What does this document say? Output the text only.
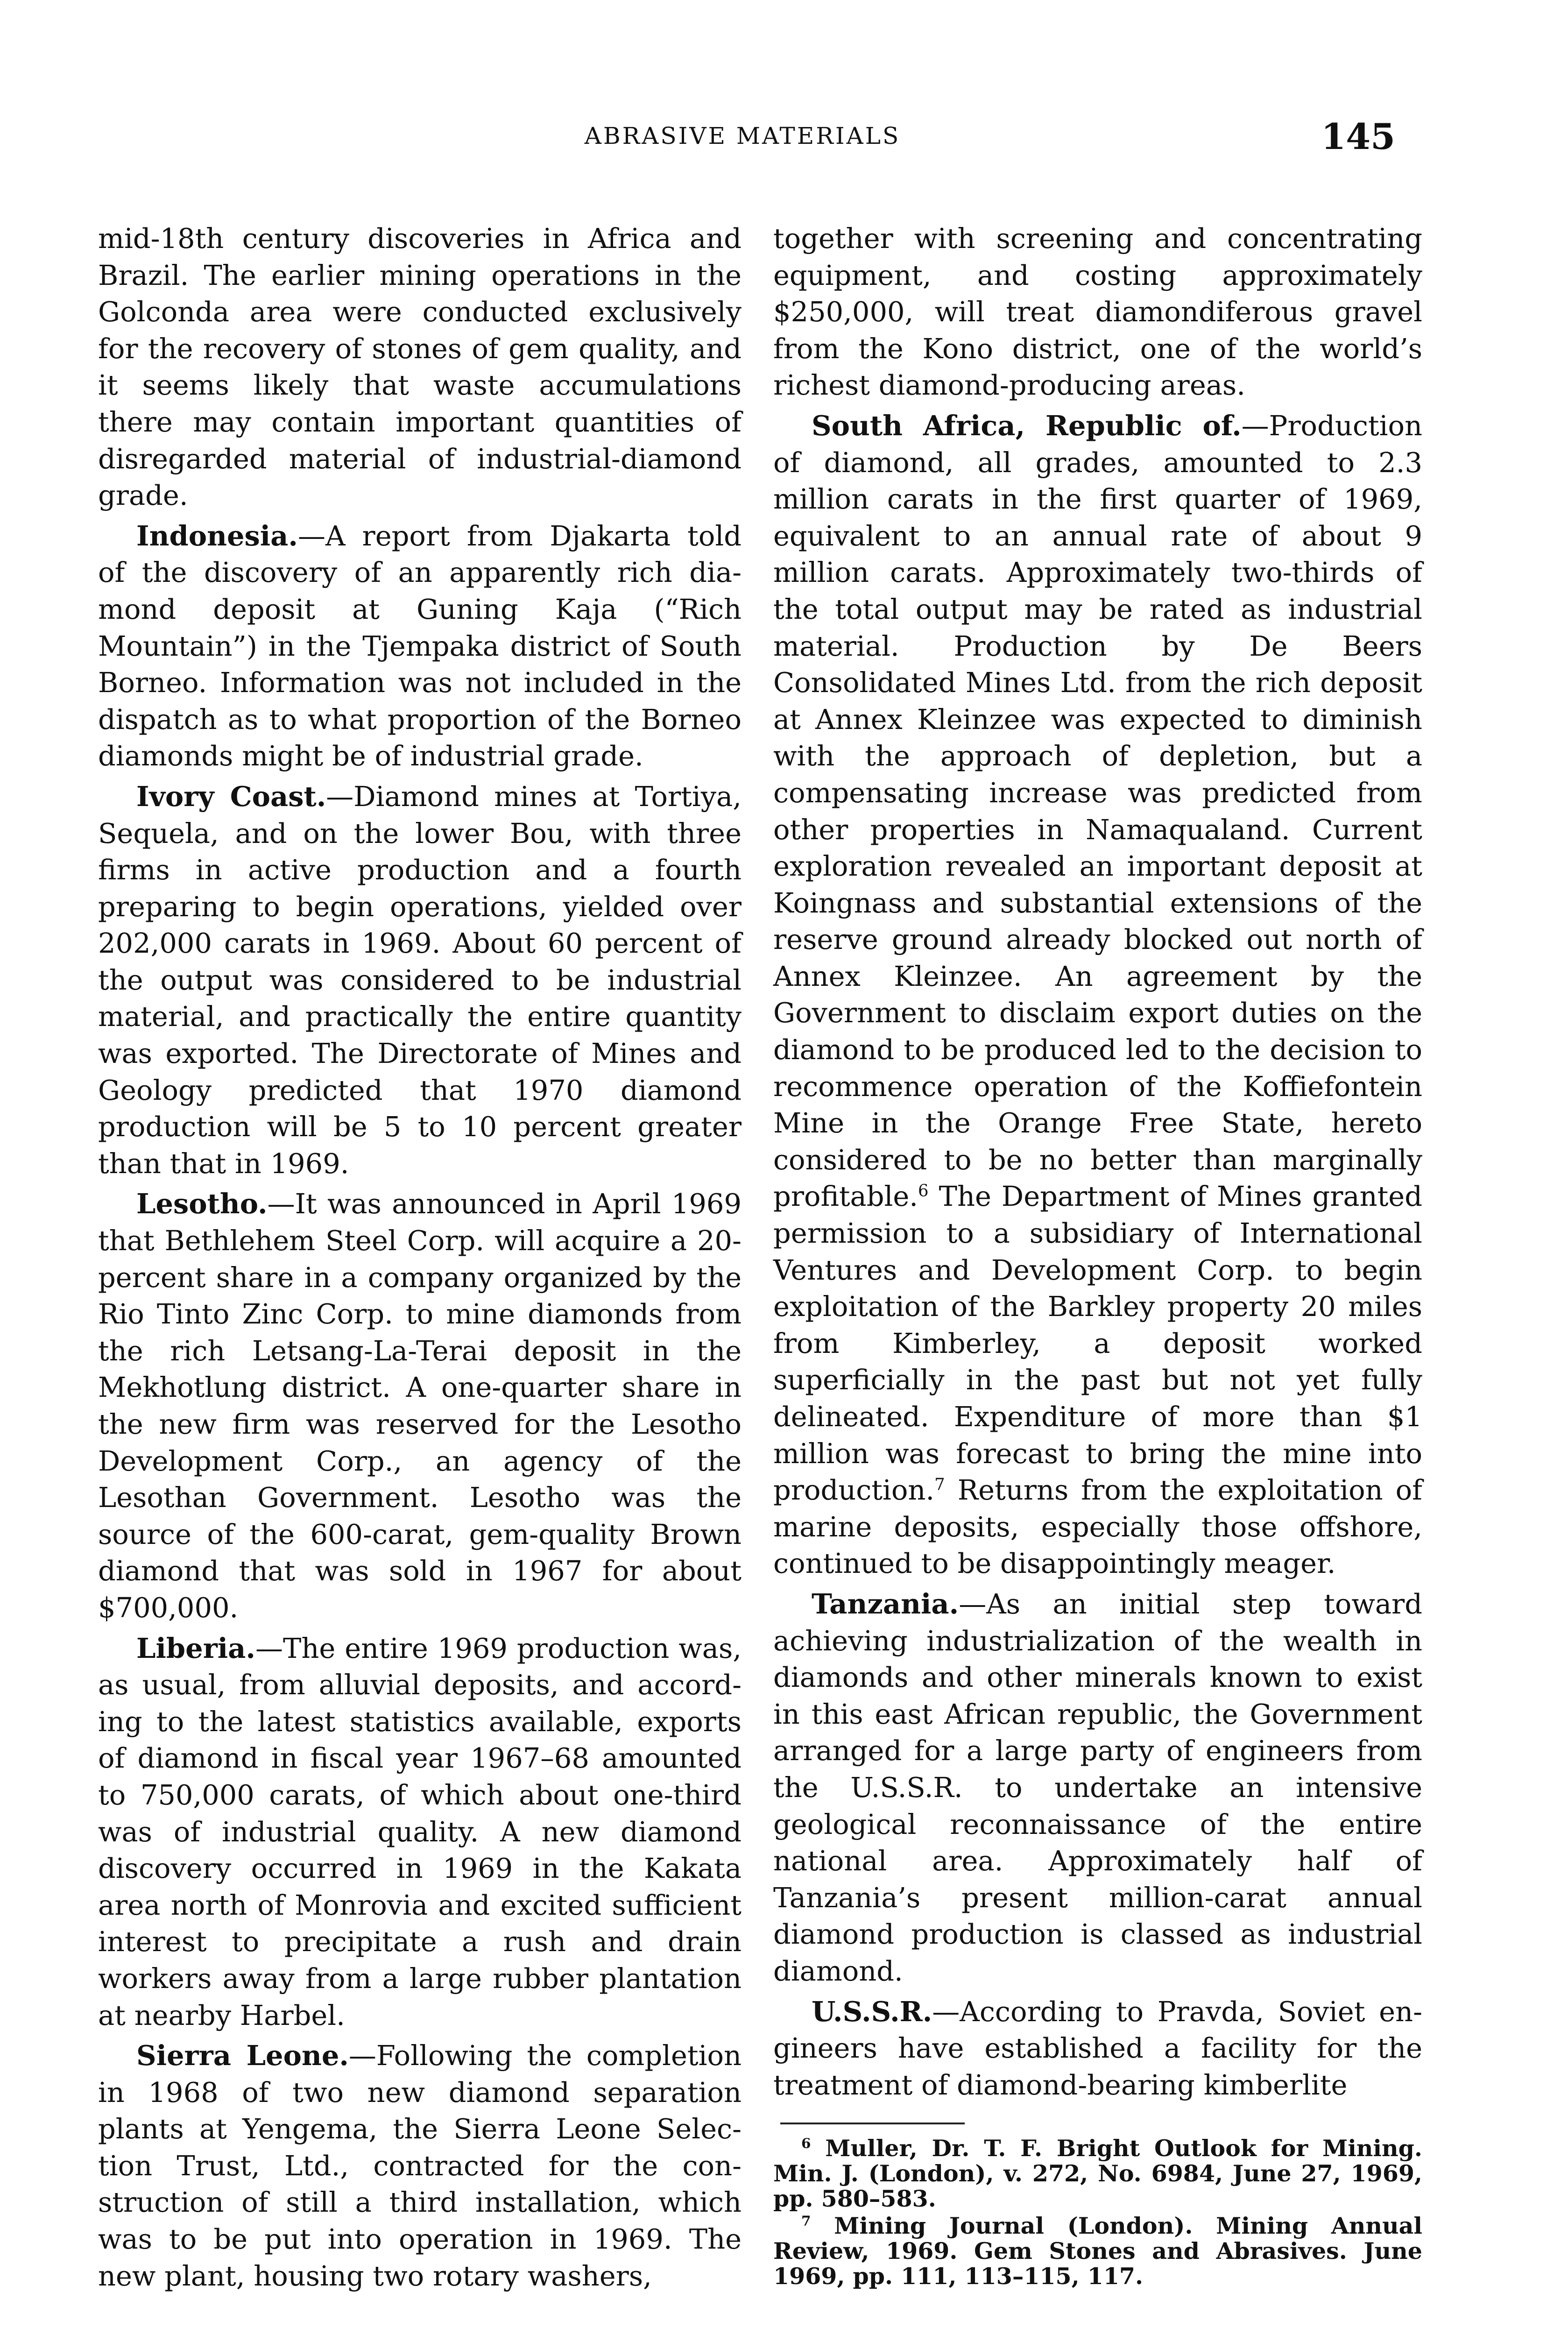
ABRASIVE MATERIALS	145

mid-18th century discoveries in Africa and Brazil. The earlier mining operations in the Golconda area were conducted exclusively for the recovery of stones of gem quality, and it seems likely that waste accumulations there may contain important quantities of disregarded material of industrial-diamond grade.

Indonesia.—A report from Djakarta told of the discovery of an apparently rich diamond deposit at Guning Kaja (“Rich Mountain”) in the Tjempaka district of South Borneo. Information was not included in the dispatch as to what proportion of the Borneo diamonds might be of industrial grade.

Ivory Coast.—Diamond mines at Tortiya, Sequela, and on the lower Bou, with three firms in active production and a fourth preparing to begin operations, yielded over 202,000 carats in 1969. About 60 percent of the output was considered to be industrial material, and practically the entire quantity was exported. The Directorate of Mines and Geology predicted that 1970 diamond production will be 5 to 10 percent greater than that in 1969.

Lesotho.—It was announced in April 1969 that Bethlehem Steel Corp. will acquire a 20-percent share in a company organized by the Rio Tinto Zinc Corp. to mine diamonds from the rich Letsang-La-Terai deposit in the Mekhotlung district. A one-quarter share in the new firm was reserved for the Lesotho Development Corp., an agency of the Lesothan Government. Lesotho was the source of the 600-carat, gem-quality Brown diamond that was sold in 1967 for about $700,000.

Liberia.—The entire 1969 production was, as usual, from alluvial deposits, and according to the latest statistics available, exports of diamond in fiscal year 1967–68 amounted to 750,000 carats, of which about one-third was of industrial quality. A new diamond discovery occurred in 1969 in the Kakata area north of Monrovia and excited sufficient interest to precipitate a rush and drain workers away from a large rubber plantation at nearby Harbel.

Sierra Leone.—Following the completion in 1968 of two new diamond separation plants at Yengema, the Sierra Leone Selection Trust, Ltd., contracted for the construction of still a third installation, which was to be put into operation in 1969. The new plant, housing two rotary washers,

together with screening and concentrating equipment, and costing approximately $250,000, will treat diamondiferous gravel from the Kono district, one of the world’s richest diamond-producing areas.

South Africa, Republic of.—Production of diamond, all grades, amounted to 2.3 million carats in the first quarter of 1969, equivalent to an annual rate of about 9 million carats. Approximately two-thirds of the total output may be rated as industrial material. Production by De Beers Consolidated Mines Ltd. from the rich deposit at Annex Kleinzee was expected to diminish with the approach of depletion, but a compensating increase was predicted from other properties in Namaqualand. Current exploration revealed an important deposit at Koingnass and substantial extensions of the reserve ground already blocked out north of Annex Kleinzee. An agreement by the Government to disclaim export duties on the diamond to be produced led to the decision to recommence operation of the Koffiefontein Mine in the Orange Free State, hereto considered to be no better than marginally profitable.$^6$ The Department of Mines granted permission to a subsidiary of International Ventures and Development Corp. to begin exploitation of the Barkley property 20 miles from Kimberley, a deposit worked superficially in the past but not yet fully delineated. Expenditure of more than $1 million was forecast to bring the mine into production.$^7$ Returns from the exploitation of marine deposits, especially those offshore, continued to be disappointingly meager.

Tanzania.—As an initial step toward achieving industrialization of the wealth in diamonds and other minerals known to exist in this east African republic, the Government arranged for a large party of engineers from the U.S.S.R. to undertake an intensive geological reconnaissance of the entire national area. Approximately half of Tanzania’s present million-carat annual diamond production is classed as industrial diamond.

U.S.S.R.—According to Pravda, Soviet engineers have established a facility for the treatment of diamond-bearing kimberlite

$^6$ Muller, Dr. T. F. Bright Outlook for Mining. Min. J. (London), v. 272, No. 6984, June 27, 1969, pp. 580–583.

$^7$ Mining Journal (London). Mining Annual Review, 1969. Gem Stones and Abrasives. June 1969, pp. 111, 113–115, 117.
